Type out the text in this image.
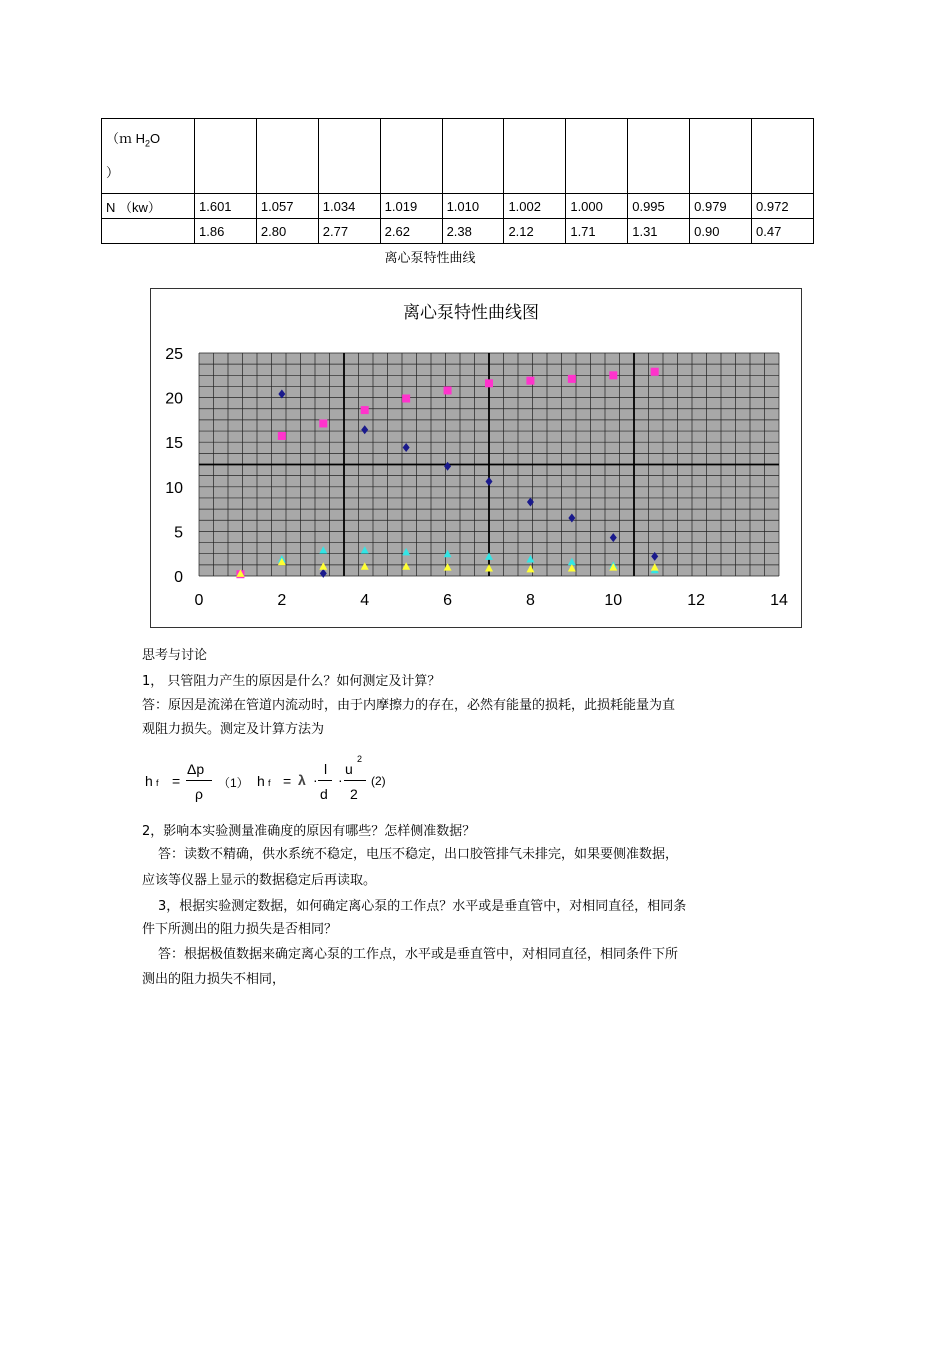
（ｍ $H_2O$
）										
N （kw）	1.601	1.057	1.034	1.019	1.010	1.002	1.000	0.995	0.979	0.972
	1.86	2.80	2.77	2.62	2.38	2.12	1.71	1.31	0.90	0.47
离心泵特性曲线
离心泵特性曲线图
0
5
10
15
20
25
0	2	4	6	8	10	12	14
思考与讨论
1， 只管阻力产生的原因是什么？如何测定及计算？
答：原因是流涕在管道内流动时，由于内摩擦力的存在，必然有能量的损耗，此损耗能量为直
观阻力损失。测定及计算方法为
h f =
Δp
ρ
（1） h f = λ ·
l
d
·
u
2
2
(2)
2，影响本实验测量准确度的原因有哪些？怎样侧准数据？
答：读数不精确，供水系统不稳定，电压不稳定，出口胶管排气未排完，如果要侧准数据，
应该等仪器上显示的数据稳定后再读取。
3，根据实验测定数据，如何确定离心泵的工作点？水平或是垂直管中，对相同直径，相同条
件下所测出的阻力损失是否相同？
答：根据极值数据来确定离心泵的工作点，水平或是垂直管中，对相同直径，相同条件下所
测出的阻力损失不相同，
